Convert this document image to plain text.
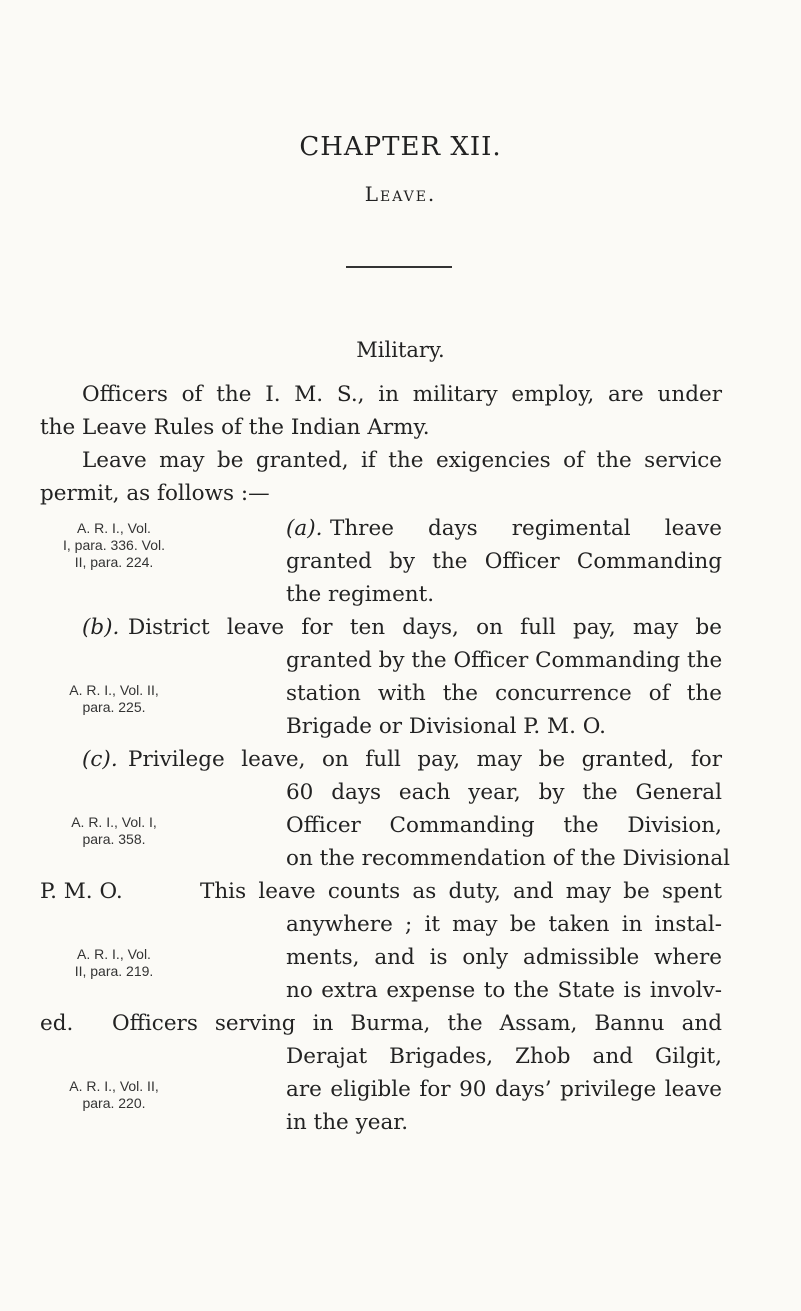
CHAPTER XII.
Leave.
Military.
Officers of the I. M. S., in military employ, are under
the Leave Rules of the Indian Army.
Leave may be granted, if the exigencies of the service
permit, as follows :—
A. R. I., Vol.
I, para. 336. Vol.
II, para. 224.
(a). Three days regimental leave
granted by the Officer Commanding
the regiment.
(b). District leave for ten days, on full pay, may be
granted by the Officer Commanding the
A. R. I., Vol. II,
para. 225.
station with the concurrence of the
Brigade or Divisional P. M. O.
(c). Privilege leave, on full pay, may be granted, for
60 days each year, by the General
A. R. I., Vol. I,
para. 358.
Officer Commanding the Division,
on the recommendation of the Divisional
P. M. O.	This leave counts as duty, and may be spent
anywhere ; it may be taken in instal-
A. R. I., Vol.
II, para. 219.
ments, and is only admissible where
no extra expense to the State is involv-
ed. Officers serving in Burma, the Assam, Bannu and
Derajat Brigades, Zhob and Gilgit,
A. R. I., Vol. II,
para. 220.
are eligible for 90 days’ privilege leave
in the year.
